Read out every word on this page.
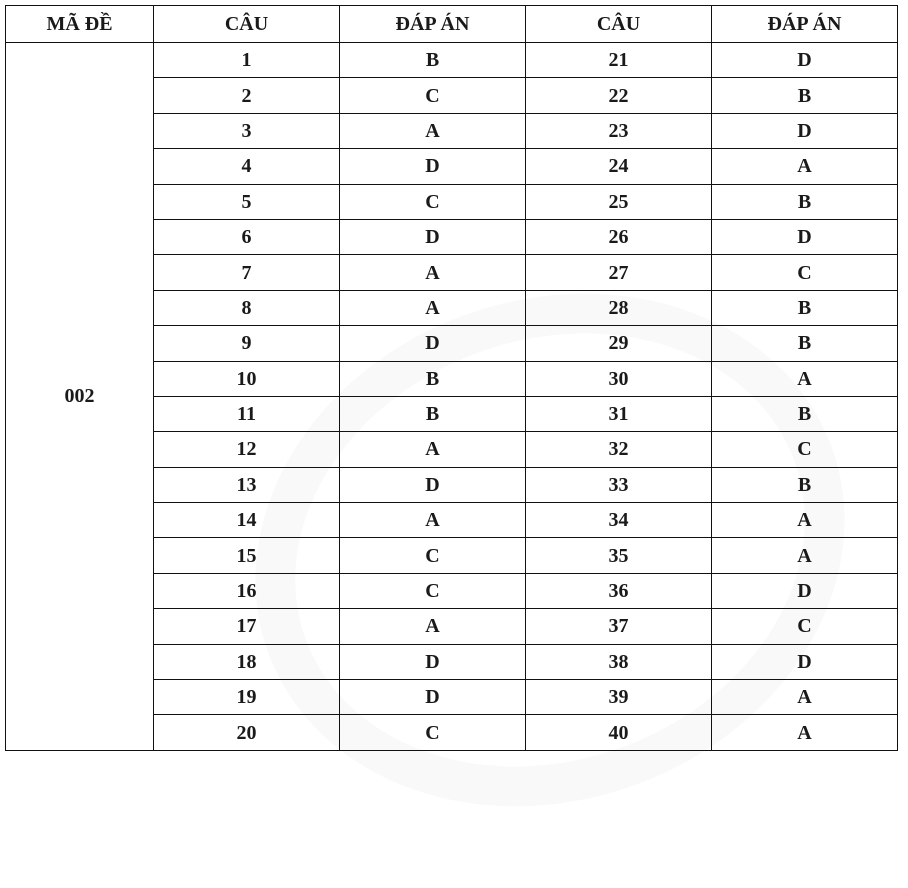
MÃ ĐỀ	CÂU	ĐÁP ÁN	CÂU	ĐÁP ÁN
002	1	B	21	D
	2	C	22	B
	3	A	23	D
	4	D	24	A
	5	C	25	B
	6	D	26	D
	7	A	27	C
	8	A	28	B
	9	D	29	B
	10	B	30	A
	11	B	31	B
	12	A	32	C
	13	D	33	B
	14	A	34	A
	15	C	35	A
	16	C	36	D
	17	A	37	C
	18	D	38	D
	19	D	39	A
	20	C	40	A
